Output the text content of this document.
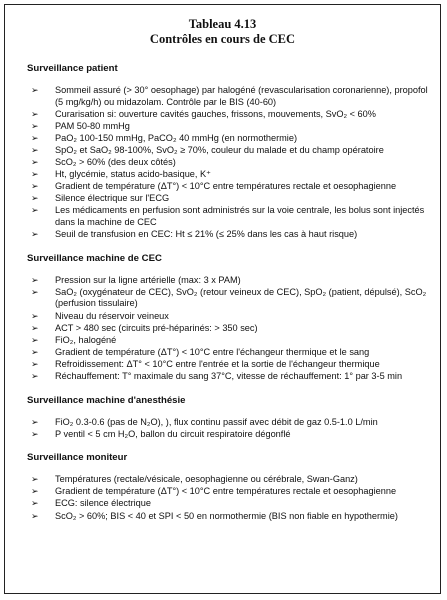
Tableau 4.13
Contrôles en cours de CEC
Surveillance patient
➢ Sommeil assuré (> 30° oesophage) par halogéné (revascularisation coronarienne), propofol (5 mg/kg/h) ou midazolam. Contrôle par le BIS (40-60)
➢ Curarisation si: ouverture cavités gauches, frissons, mouvements, SvO₂ < 60%
➢ PAM 50-80 mmHg
➢ PaO₂ 100-150 mmHg, PaCO₂ 40 mmHg (en normothermie)
➢ SpO₂ et SaO₂ 98-100%, SvO₂ ≥ 70%, couleur du malade et du champ opératoire
➢ ScO₂ > 60% (des deux côtés)
➢ Ht, glycémie, status acido-basique, K⁺
➢ Gradient de température (ΔT°) < 10°C entre températures rectale et oesophagienne
➢ Silence électrique sur l'ECG
➢ Les médicaments en perfusion sont administrés sur la voie centrale, les bolus sont injectés dans la machine de CEC
➢ Seuil de transfusion en CEC: Ht ≤ 21% (≤ 25% dans les cas à haut risque)
Surveillance machine de CEC
➢ Pression sur la ligne artérielle (max: 3 x PAM)
➢ SaO₂ (oxygénateur de CEC), SvO₂ (retour veineux de CEC), SpO₂ (patient, dépulsé), ScO₂ (perfusion tissulaire)
➢ Niveau du réservoir veineux
➢ ACT > 480 sec (circuits pré-héparinés: > 350 sec)
➢ FiO₂, halogéné
➢ Gradient de température (ΔT°) < 10°C entre l'échangeur thermique et le sang
➢ Refroidissement: ΔT° < 10°C entre l'entrée et la sortie de l'échangeur thermique
➢ Réchauffement: T° maximale du sang 37°C, vitesse de réchauffement: 1° par 3-5 min
Surveillance machine d'anesthésie
➢ FiO₂ 0.3-0.6 (pas de N₂O), ), flux continu passif avec débit de gaz 0.5-1.0 L/min
➢ P ventil < 5 cm H₂O, ballon du circuit respiratoire dégonflé
Surveillance moniteur
➢ Températures (rectale/vésicale, oesophagienne ou cérébrale, Swan-Ganz)
➢ Gradient de température (ΔT°) < 10°C entre températures rectale et oesophagienne
➢ ECG: silence électrique
➢ ScO₂ > 60%; BIS < 40 et SPI < 50 en normothermie (BIS non fiable en hypothermie)
